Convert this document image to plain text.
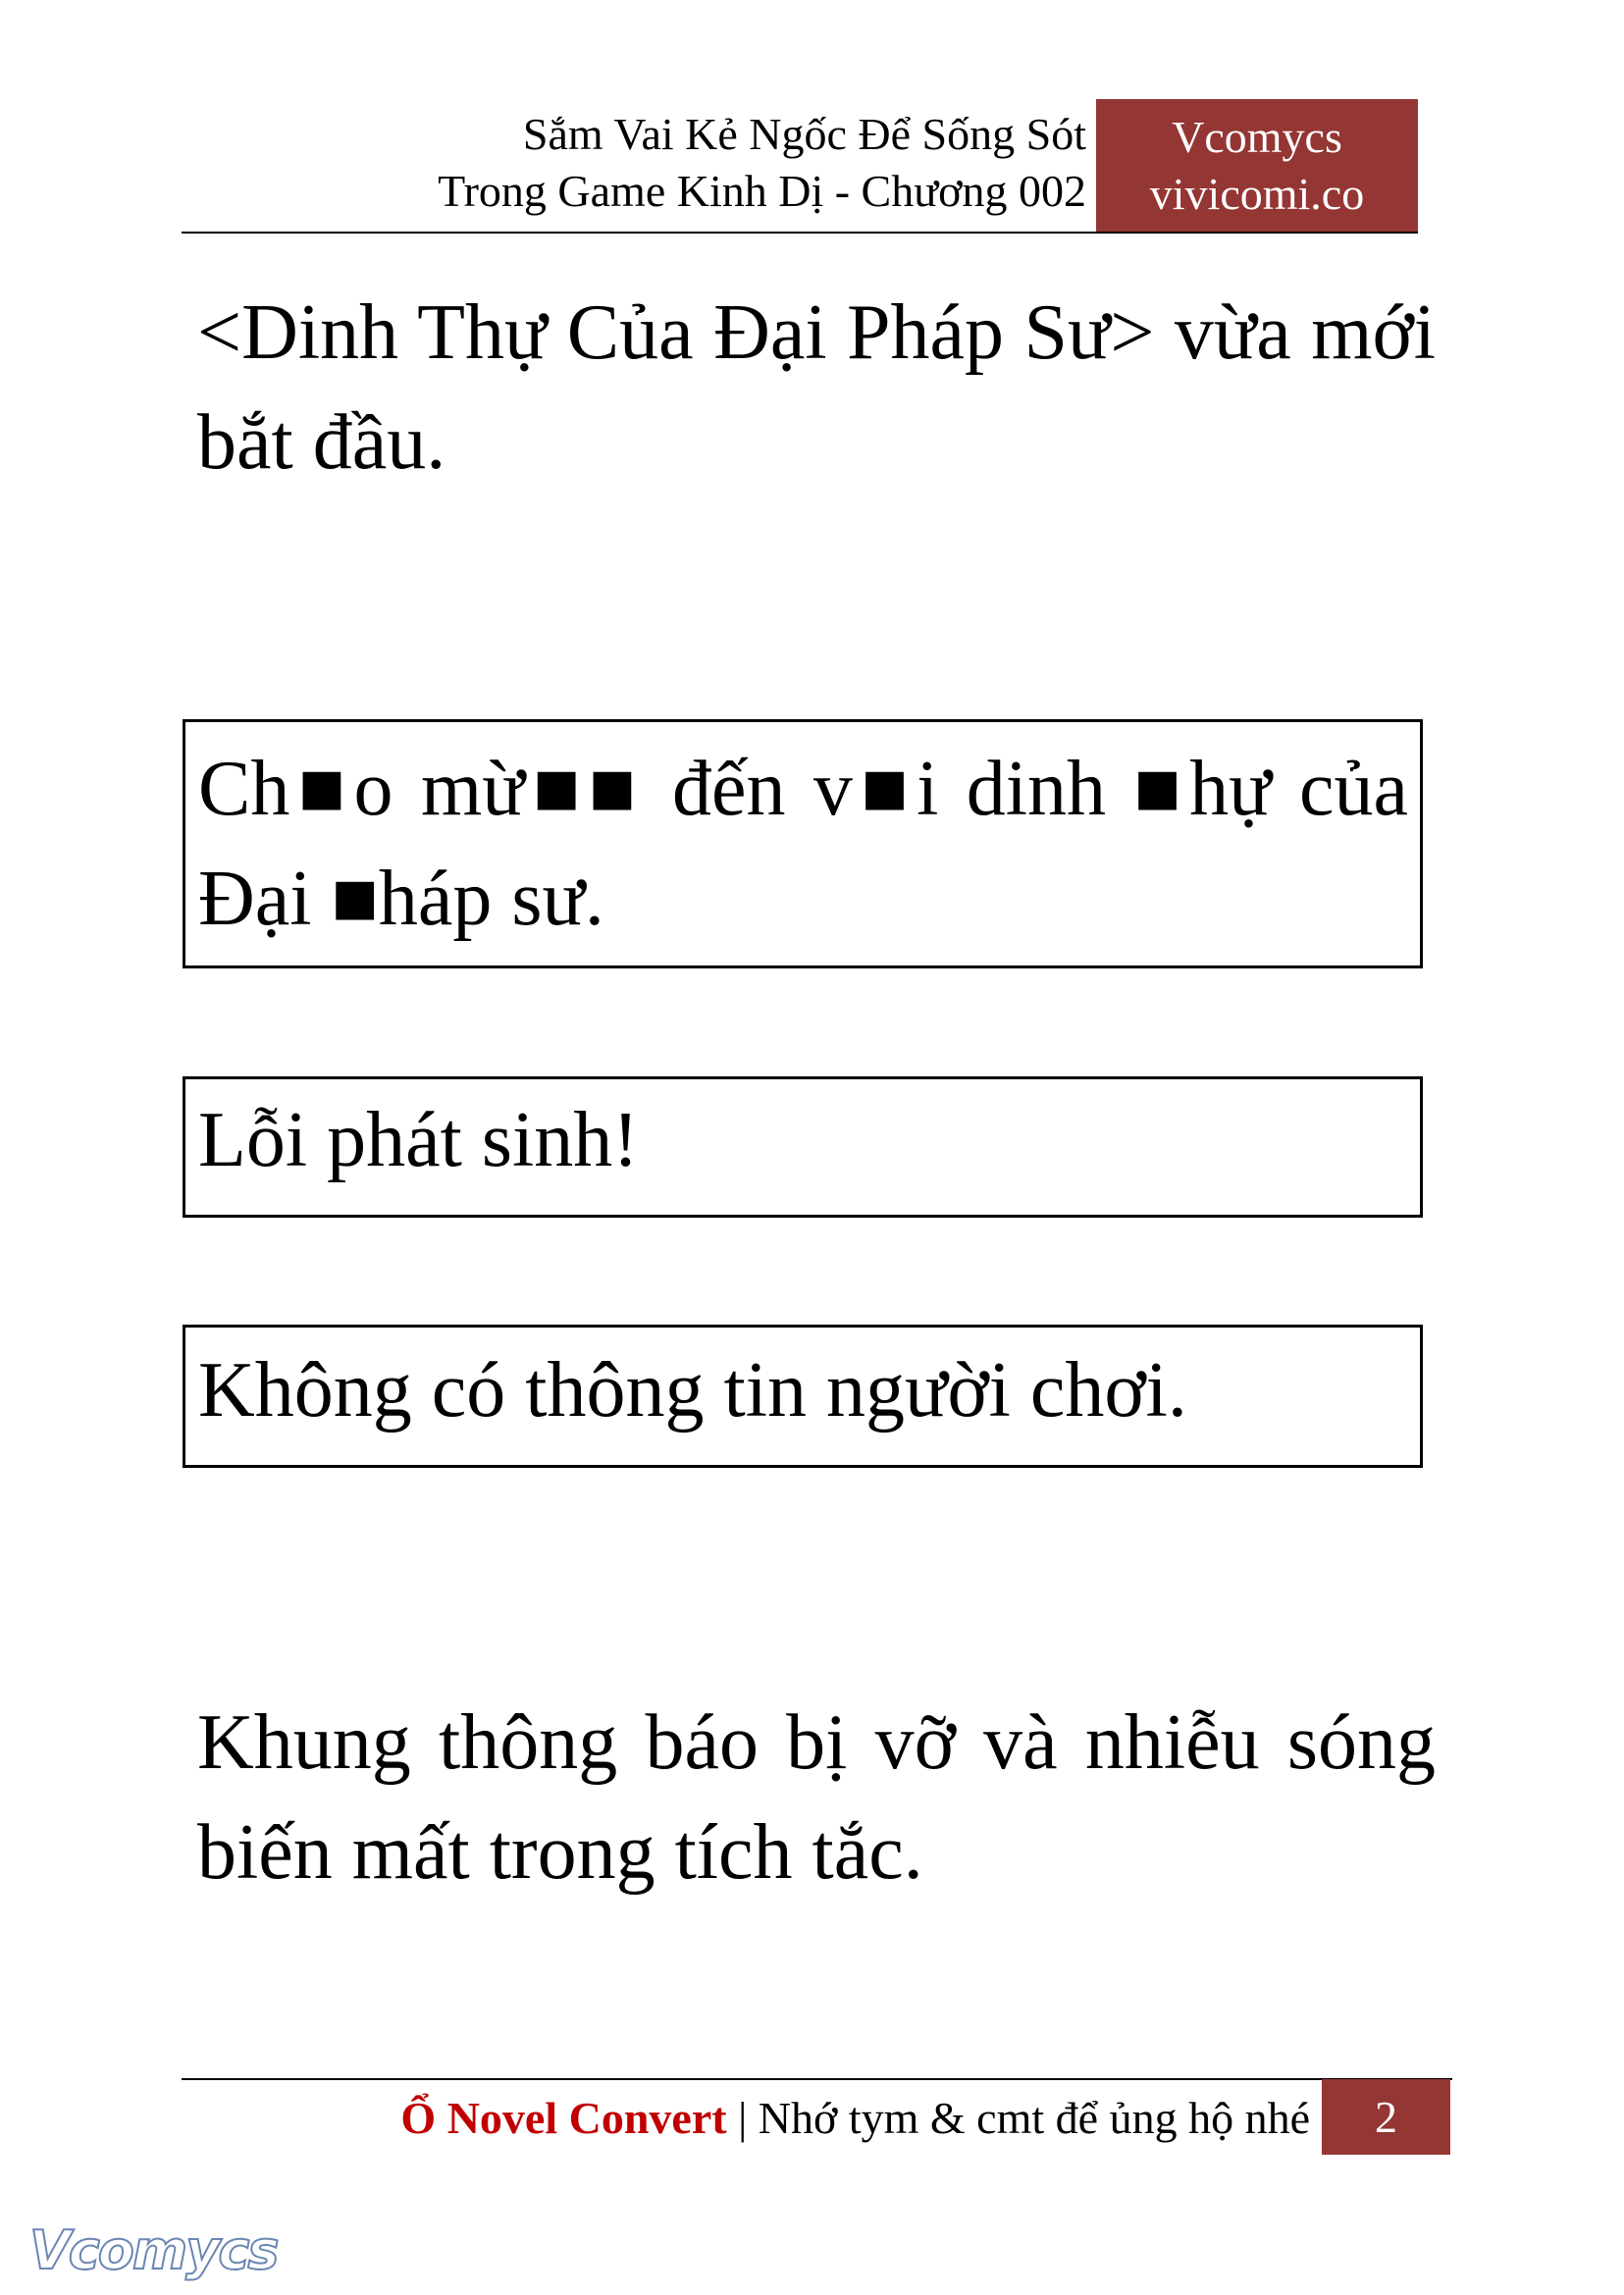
Sắm Vai Kẻ Ngốc Để Sống Sót
Trong Game Kinh Dị - Chương 002
Vcomycs
vivicomi.co
<Dinh Thự Của Đại Pháp Sư> vừa mới bắt đầu.
Ch■o mừ■■ đến v■i dinh ■hự của Đại ■háp sư.
Lỗi phát sinh!
Không có thông tin người chơi.
Khung thông báo bị vỡ và nhiễu sóng biến mất trong tích tắc.
Ổ Novel Convert | Nhớ tym & cmt để ủng hộ nhé	2
Vcomycs
